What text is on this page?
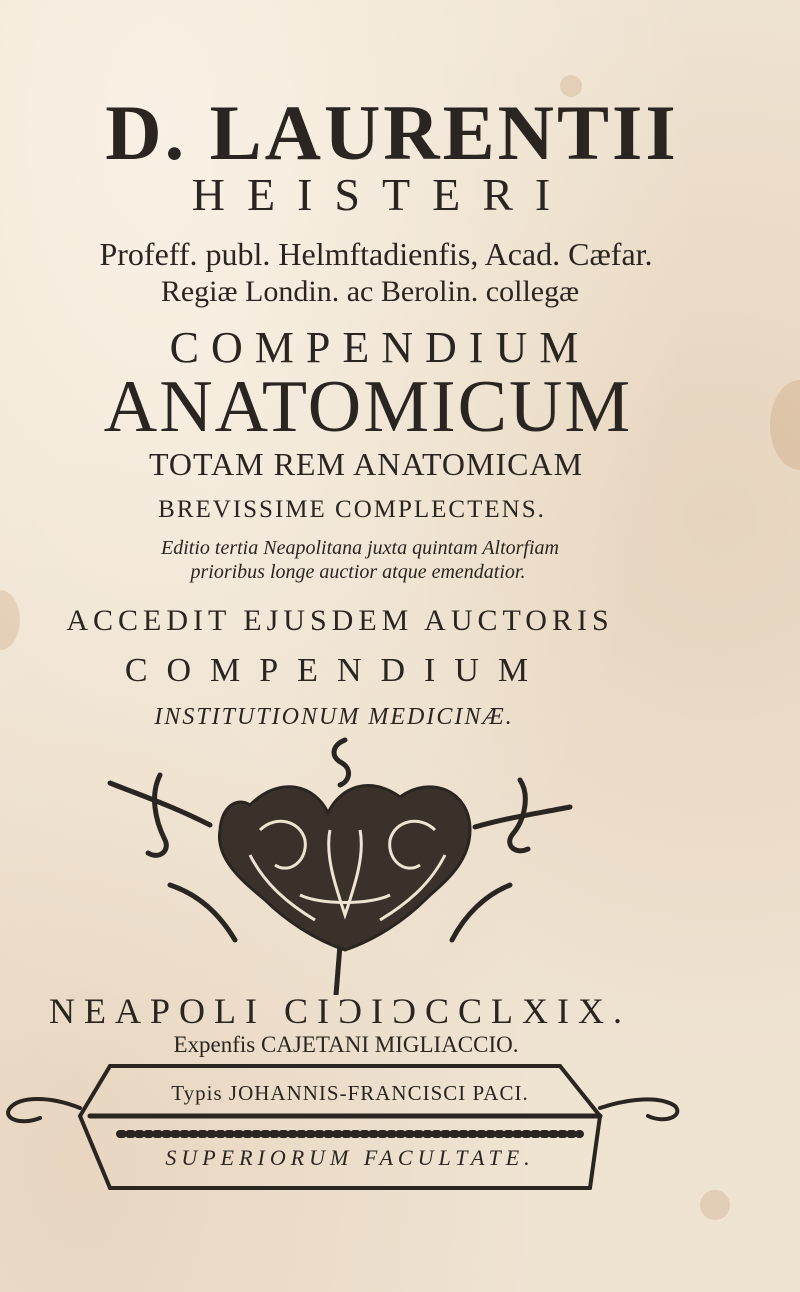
D. LAURENTII
HEISTERI
Profeff. publ. Helmftadienfis, Acad. Cæfar.
Regiæ Londin. ac Berolin. collegæ
COMPENDIUM
ANATOMICUM
TOTAM REM ANATOMICAM
BREVISSIME COMPLECTENS.
Editio tertia Neapolitana juxta quintam Altorfiam
prioribus longe auctior atque emendatior.
ACCEDIT EJUSDEM AUCTORIS
COMPENDIUM
INSTITUTIONUM MEDICINÆ.
NEAPOLI CIƆIƆCCLXIX.
Expenfis CAJETANI MIGLIACCIO.
Typis JOHANNIS-FRANCISCI PACI.
SUPERIORUM FACULTATE.
